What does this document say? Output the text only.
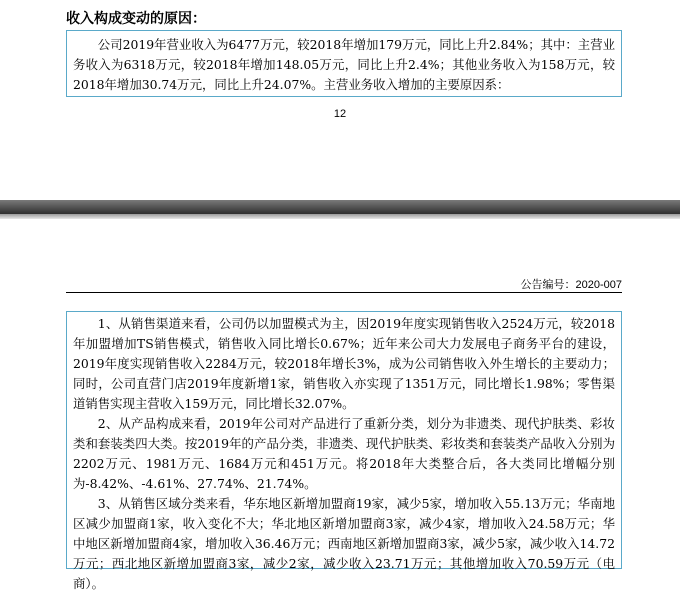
收入构成变动的原因：

公司2019年营业收入为6477万元，较2018年增加179万元，同比上升2.84%；其中：主营业务收入为6318万元，较2018年增加148.05万元，同比上升2.4%；其他业务收入为158万元，较2018年增加30.74万元，同比上升24.07%。主营业务收入增加的主要原因系：

12
公告编号：2020-007

1、从销售渠道来看，公司仍以加盟模式为主，因2019年度实现销售收入2524万元，较2018年加盟增加TS销售模式，销售收入同比增长0.67%；近年来公司大力发展电子商务平台的建设，2019年度实现销售收入2284万元，较2018年增长3%，成为公司销售收入外生增长的主要动力；同时，公司直营门店2019年度新增1家，销售收入亦实现了1351万元，同比增长1.98%；零售渠道销售实现主营收入159万元，同比增长32.07%。

2、从产品构成来看，2019年公司对产品进行了重新分类，划分为非遗类、现代护肤类、彩妆类和套装类四大类。按2019年的产品分类，非遗类、现代护肤类、彩妆类和套装类产品收入分别为2202万元、1981万元、1684万元和451万元。将2018年大类整合后，各大类同比增幅分别为-8.42%、-4.61%、27.74%、21.74%。

3、从销售区域分类来看，华东地区新增加盟商19家，减少5家，增加收入55.13万元；华南地区减少加盟商1家，收入变化不大；华北地区新增加盟商3家，减少4家，增加收入24.58万元；华中地区新增加盟商4家，增加收入36.46万元；西南地区新增加盟商3家，减少5家，减少收入14.72万元；西北地区新增加盟商3家，减少2家，减少收入23.71万元；其他增加收入70.59万元（电商）。
